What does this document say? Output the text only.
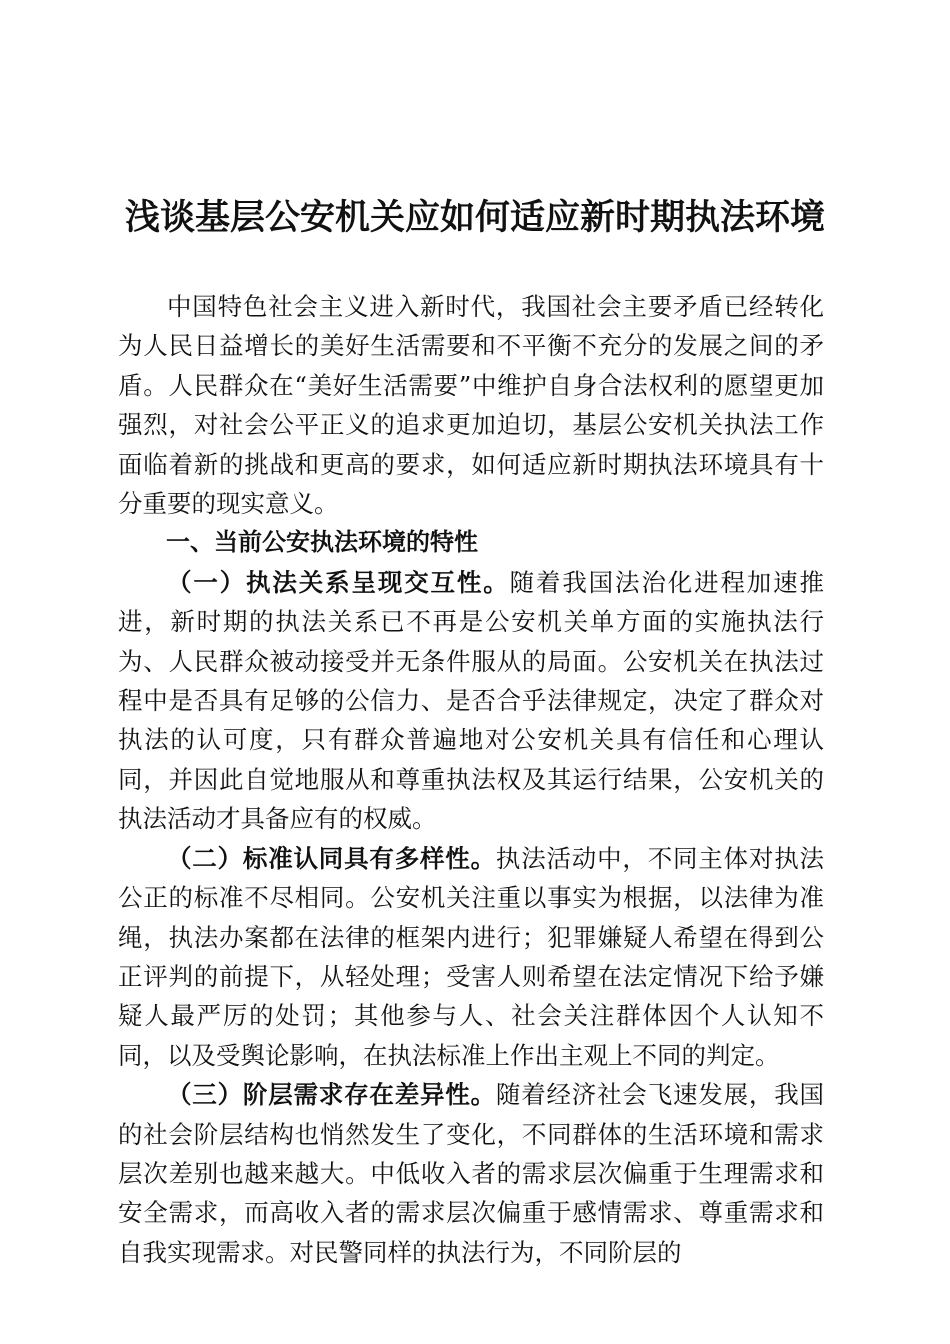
浅谈基层公安机关应如何适应新时期执法环境

中国特色社会主义进入新时代，我国社会主要矛盾已经转化为人民日益增长的美好生活需要和不平衡不充分的发展之间的矛盾。人民群众在“美好生活需要”中维护自身合法权利的愿望更加强烈，对社会公平正义的追求更加迫切，基层公安机关执法工作面临着新的挑战和更高的要求，如何适应新时期执法环境具有十分重要的现实意义。

一、当前公安执法环境的特性

（一）执法关系呈现交互性。随着我国法治化进程加速推进，新时期的执法关系已不再是公安机关单方面的实施执法行为、人民群众被动接受并无条件服从的局面。公安机关在执法过程中是否具有足够的公信力、是否合乎法律规定，决定了群众对执法的认可度，只有群众普遍地对公安机关具有信任和心理认同，并因此自觉地服从和尊重执法权及其运行结果，公安机关的执法活动才具备应有的权威。

（二）标准认同具有多样性。执法活动中，不同主体对执法公正的标准不尽相同。公安机关注重以事实为根据，以法律为准绳，执法办案都在法律的框架内进行；犯罪嫌疑人希望在得到公正评判的前提下，从轻处理；受害人则希望在法定情况下给予嫌疑人最严厉的处罚；其他参与人、社会关注群体因个人认知不同，以及受舆论影响，在执法标准上作出主观上不同的判定。

（三）阶层需求存在差异性。随着经济社会飞速发展，我国的社会阶层结构也悄然发生了变化，不同群体的生活环境和需求层次差别也越来越大。中低收入者的需求层次偏重于生理需求和安全需求，而高收入者的需求层次偏重于感情需求、尊重需求和自我实现需求。对民警同样的执法行为，不同阶层的
